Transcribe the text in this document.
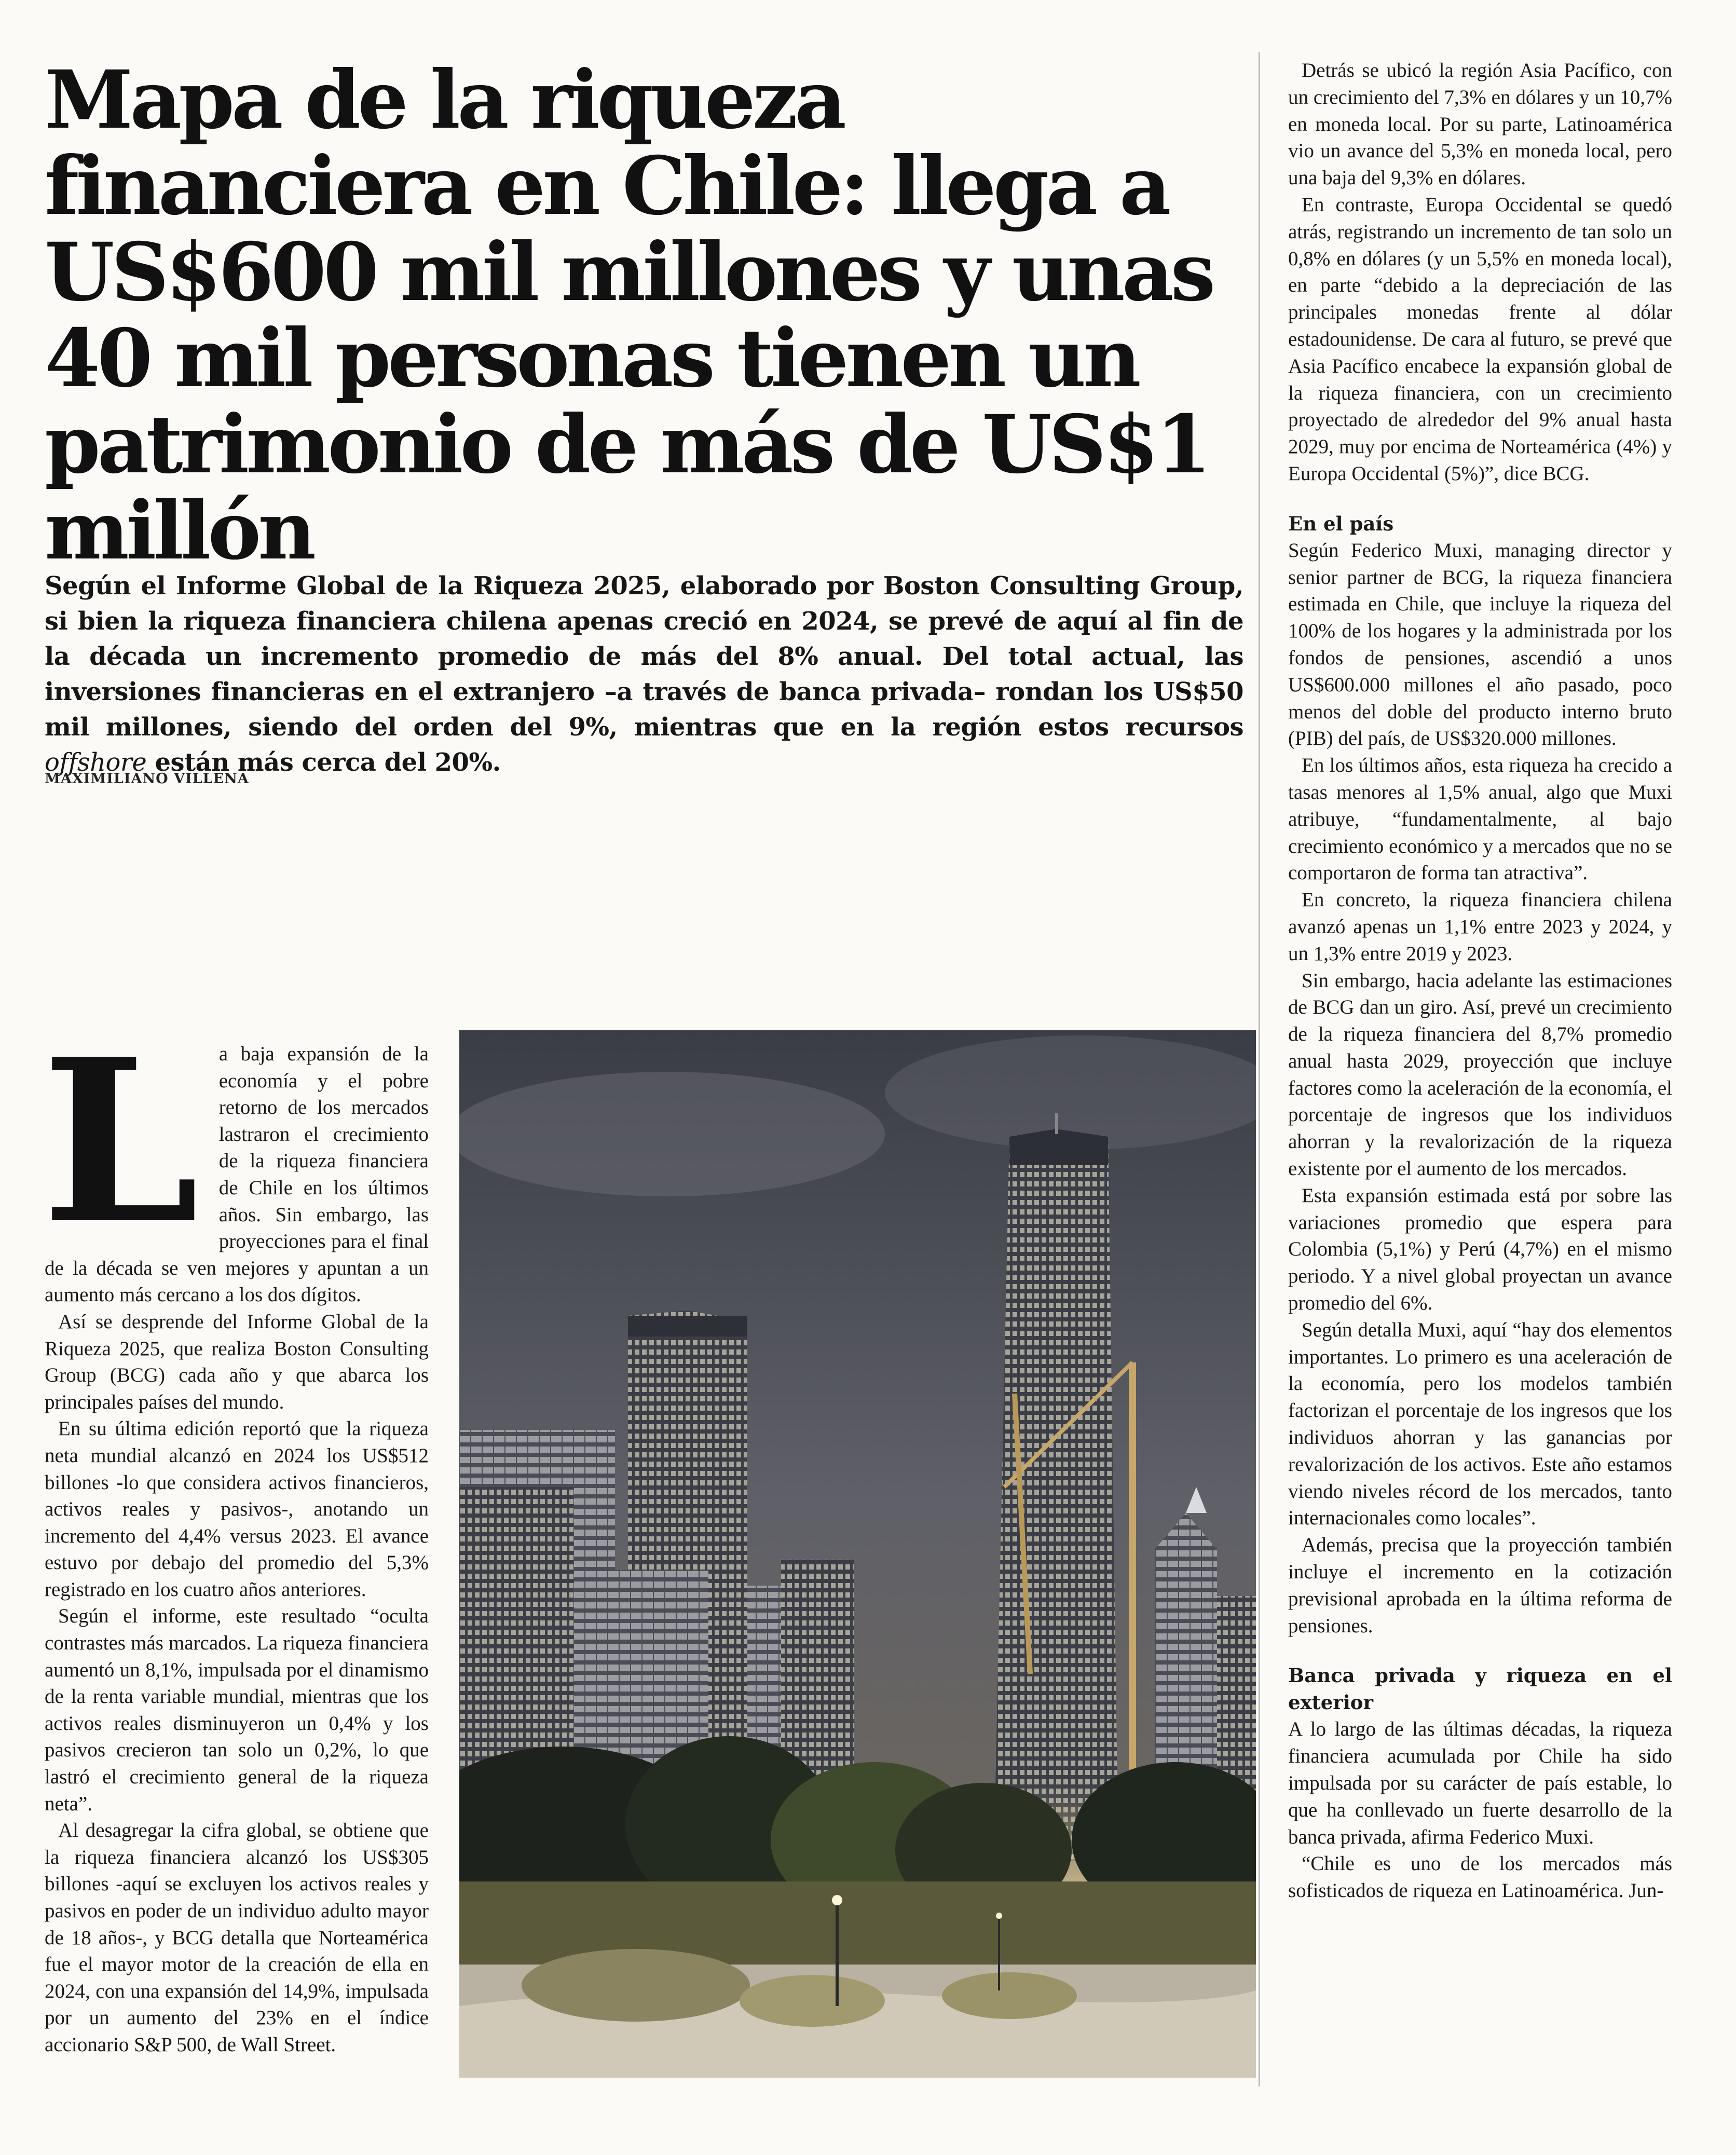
Mapa de la riqueza financiera en Chile: llega a US$600 mil millones y unas 40 mil personas tienen un patrimonio de más de US$1 millón

Según el Informe Global de la Riqueza 2025, elaborado por Boston Consulting Group, si bien la riqueza financiera chilena apenas creció en 2024, se prevé de aquí al fin de la década un incremento promedio de más del 8% anual. Del total actual, las inversiones financieras en el extranjero –a través de banca privada– rondan los US$50 mil millones, siendo del orden del 9%, mientras que en la región estos recursos offshore están más cerca del 20%.

MAXIMILIANO VILLENA

La baja expansión de la economía y el pobre retorno de los mercados lastraron el crecimiento de la riqueza financiera de Chile en los últimos años. Sin embargo, las proyecciones para el final de la década se ven mejores y apuntan a un aumento más cercano a los dos dígitos.

Así se desprende del Informe Global de la Riqueza 2025, que realiza Boston Consulting Group (BCG) cada año y que abarca los principales países del mundo.

En su última edición reportó que la riqueza neta mundial alcanzó en 2024 los US$512 billones -lo que considera activos financieros, activos reales y pasivos-, anotando un incremento del 4,4% versus 2023. El avance estuvo por debajo del promedio del 5,3% registrado en los cuatro años anteriores.

Según el informe, este resultado “oculta contrastes más marcados. La riqueza financiera aumentó un 8,1%, impulsada por el dinamismo de la renta variable mundial, mientras que los activos reales disminuyeron un 0,4% y los pasivos crecieron tan solo un 0,2%, lo que lastró el crecimiento general de la riqueza neta”.

Al desagregar la cifra global, se obtiene que la riqueza financiera alcanzó los US$305 billones -aquí se excluyen los activos reales y pasivos en poder de un individuo adulto mayor de 18 años-, y BCG detalla que Norteamérica fue el mayor motor de la creación de ella en 2024, con una expansión del 14,9%, impulsada por un aumento del 23% en el índice accionario S&P 500, de Wall Street.

Detrás se ubicó la región Asia Pacífico, con un crecimiento del 7,3% en dólares y un 10,7% en moneda local. Por su parte, Latinoamérica vio un avance del 5,3% en moneda local, pero una baja del 9,3% en dólares.

En contraste, Europa Occidental se quedó atrás, registrando un incremento de tan solo un 0,8% en dólares (y un 5,5% en moneda local), en parte “debido a la depreciación de las principales monedas frente al dólar estadounidense. De cara al futuro, se prevé que Asia Pacífico encabece la expansión global de la riqueza financiera, con un crecimiento proyectado de alrededor del 9% anual hasta 2029, muy por encima de Norteamérica (4%) y Europa Occidental (5%)”, dice BCG.

En el país

Según Federico Muxi, managing director y senior partner de BCG, la riqueza financiera estimada en Chile, que incluye la riqueza del 100% de los hogares y la administrada por los fondos de pensiones, ascendió a unos US$600.000 millones el año pasado, poco menos del doble del producto interno bruto (PIB) del país, de US$320.000 millones.

En los últimos años, esta riqueza ha crecido a tasas menores al 1,5% anual, algo que Muxi atribuye, “fundamentalmente, al bajo crecimiento económico y a mercados que no se comportaron de forma tan atractiva”.

En concreto, la riqueza financiera chilena avanzó apenas un 1,1% entre 2023 y 2024, y un 1,3% entre 2019 y 2023.

Sin embargo, hacia adelante las estimaciones de BCG dan un giro. Así, prevé un crecimiento de la riqueza financiera del 8,7% promedio anual hasta 2029, proyección que incluye factores como la aceleración de la economía, el porcentaje de ingresos que los individuos ahorran y la revalorización de la riqueza existente por el aumento de los mercados.

Esta expansión estimada está por sobre las variaciones promedio que espera para Colombia (5,1%) y Perú (4,7%) en el mismo periodo. Y a nivel global proyectan un avance promedio del 6%.

Según detalla Muxi, aquí “hay dos elementos importantes. Lo primero es una aceleración de la economía, pero los modelos también factorizan el porcentaje de los ingresos que los individuos ahorran y las ganancias por revalorización de los activos. Este año estamos viendo niveles récord de los mercados, tanto internacionales como locales”.

Además, precisa que la proyección también incluye el incremento en la cotización previsional aprobada en la última reforma de pensiones.

Banca privada y riqueza en el exterior

A lo largo de las últimas décadas, la riqueza financiera acumulada por Chile ha sido impulsada por su carácter de país estable, lo que ha conllevado un fuerte desarrollo de la banca privada, afirma Federico Muxi.

“Chile es uno de los mercados más sofisticados de riqueza en Latinoamérica. Jun-
